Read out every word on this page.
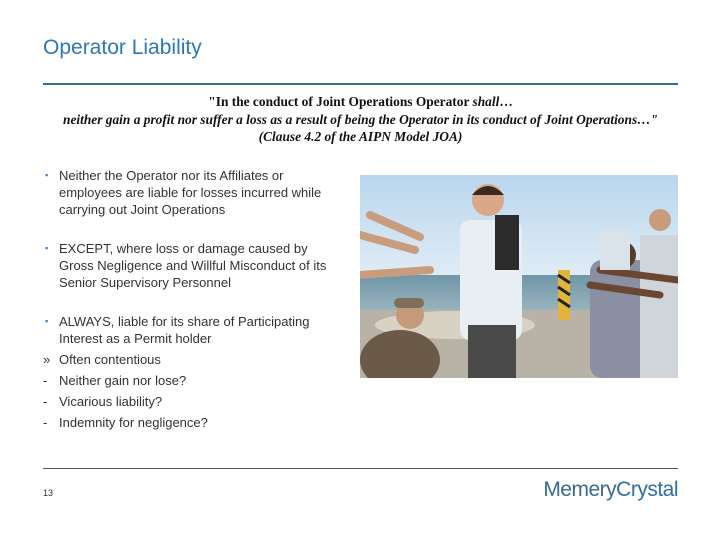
Operator Liability
"In the conduct of Joint Operations Operator shall…
neither gain a profit nor suffer a loss as a result of being the Operator in its conduct of Joint Operations…"
(Clause 4.2 of the AIPN Model JOA)
▪ Neither the Operator nor its Affiliates or employees are liable for losses incurred while carrying out Joint Operations
▪ EXCEPT, where loss or damage caused by Gross Negligence and Willful Misconduct of its Senior Supervisory Personnel
▪ ALWAYS, liable for its share of Participating Interest as a Permit holder
» Often contentious
- Neither gain nor lose?
- Vicarious liability?
- Indemnity for negligence?
13	MemeryCrystal
